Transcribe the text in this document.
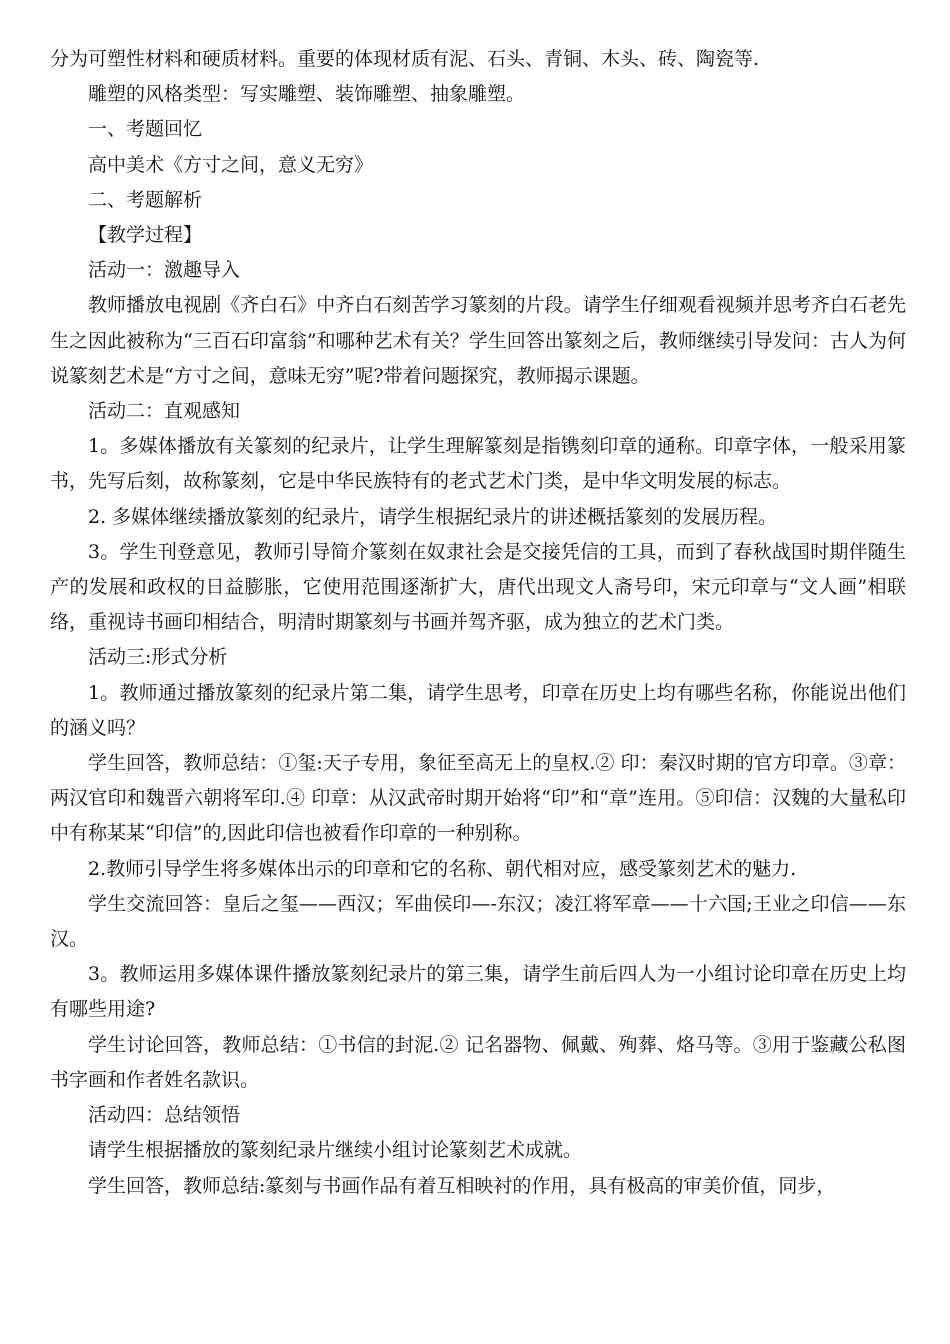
分为可塑性材料和硬质材料。重要的体现材质有泥、石头、青铜、木头、砖、陶瓷等.

雕塑的风格类型：写实雕塑、装饰雕塑、抽象雕塑。

一、考题回忆

高中美术《方寸之间，意义无穷》

二、考题解析

【教学过程】

活动一：激趣导入

教师播放电视剧《齐白石》中齐白石刻苦学习篆刻的片段。请学生仔细观看视频并思考齐白石老先生之因此被称为“三百石印富翁”和哪种艺术有关？学生回答出篆刻之后，教师继续引导发问：古人为何说篆刻艺术是“方寸之间，意味无穷”呢?带着问题探究，教师揭示课题。

活动二：直观感知

1。多媒体播放有关篆刻的纪录片，让学生理解篆刻是指镌刻印章的通称。印章字体，一般采用篆书，先写后刻，故称篆刻，它是中华民族特有的老式艺术门类，是中华文明发展的标志。

2. 多媒体继续播放篆刻的纪录片，请学生根据纪录片的讲述概括篆刻的发展历程。

3。学生刊登意见，教师引导简介篆刻在奴隶社会是交接凭信的工具，而到了春秋战国时期伴随生产的发展和政权的日益膨胀，它使用范围逐渐扩大，唐代出现文人斋号印，宋元印章与“文人画”相联络，重视诗书画印相结合，明清时期篆刻与书画并驾齐驱，成为独立的艺术门类。

活动三:形式分析

1。教师通过播放篆刻的纪录片第二集，请学生思考，印章在历史上均有哪些名称，你能说出他们的涵义吗？

学生回答，教师总结：①玺:天子专用，象征至高无上的皇权.② 印：秦汉时期的官方印章。③章：两汉官印和魏晋六朝将军印.④ 印章：从汉武帝时期开始将“印”和“章”连用。⑤印信：汉魏的大量私印中有称某某“印信”的,因此印信也被看作印章的一种别称。

2.教师引导学生将多媒体出示的印章和它的名称、朝代相对应，感受篆刻艺术的魅力.

学生交流回答：皇后之玺——西汉；军曲侯印—-东汉；凌江将军章——十六国;王业之印信——东汉。

3。教师运用多媒体课件播放篆刻纪录片的第三集，请学生前后四人为一小组讨论印章在历史上均有哪些用途?

学生讨论回答，教师总结：①书信的封泥.② 记名器物、佩戴、殉葬、烙马等。③用于鉴藏公私图书字画和作者姓名款识。

活动四：总结领悟

请学生根据播放的篆刻纪录片继续小组讨论篆刻艺术成就。

学生回答，教师总结:篆刻与书画作品有着互相映衬的作用，具有极高的审美价值，同步，
